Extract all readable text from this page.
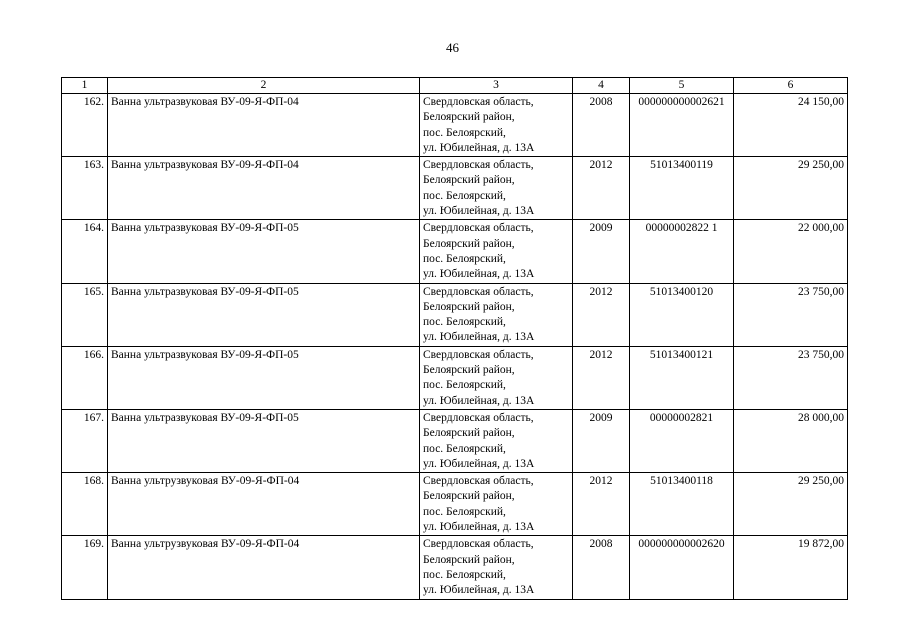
46
1	2	3	4	5	6
162.	Ванна ультразвуковая ВУ-09-Я-ФП-04	Свердловская область,
Белоярский район,
пос. Белоярский,
ул. Юбилейная, д. 13А	2008	000000000002621	24 150,00
163.	Ванна ультразвуковая ВУ-09-Я-ФП-04	Свердловская область,
Белоярский район,
пос. Белоярский,
ул. Юбилейная, д. 13А	2012	51013400119	29 250,00
164.	Ванна ультразвуковая ВУ-09-Я-ФП-05	Свердловская область,
Белоярский район,
пос. Белоярский,
ул. Юбилейная, д. 13А	2009	00000002822 1	22 000,00
165.	Ванна ультразвуковая ВУ-09-Я-ФП-05	Свердловская область,
Белоярский район,
пос. Белоярский,
ул. Юбилейная, д. 13А	2012	51013400120	23 750,00
166.	Ванна ультразвуковая ВУ-09-Я-ФП-05	Свердловская область,
Белоярский район,
пос. Белоярский,
ул. Юбилейная, д. 13А	2012	51013400121	23 750,00
167.	Ванна ультразвуковая ВУ-09-Я-ФП-05	Свердловская область,
Белоярский район,
пос. Белоярский,
ул. Юбилейная, д. 13А	2009	00000002821	28 000,00
168.	Ванна ультрузвуковая ВУ-09-Я-ФП-04	Свердловская область,
Белоярский район,
пос. Белоярский,
ул. Юбилейная, д. 13А	2012	51013400118	29 250,00
169.	Ванна ультрузвуковая ВУ-09-Я-ФП-04	Свердловская область,
Белоярский район,
пос. Белоярский,
ул. Юбилейная, д. 13А	2008	000000000002620	19 872,00
